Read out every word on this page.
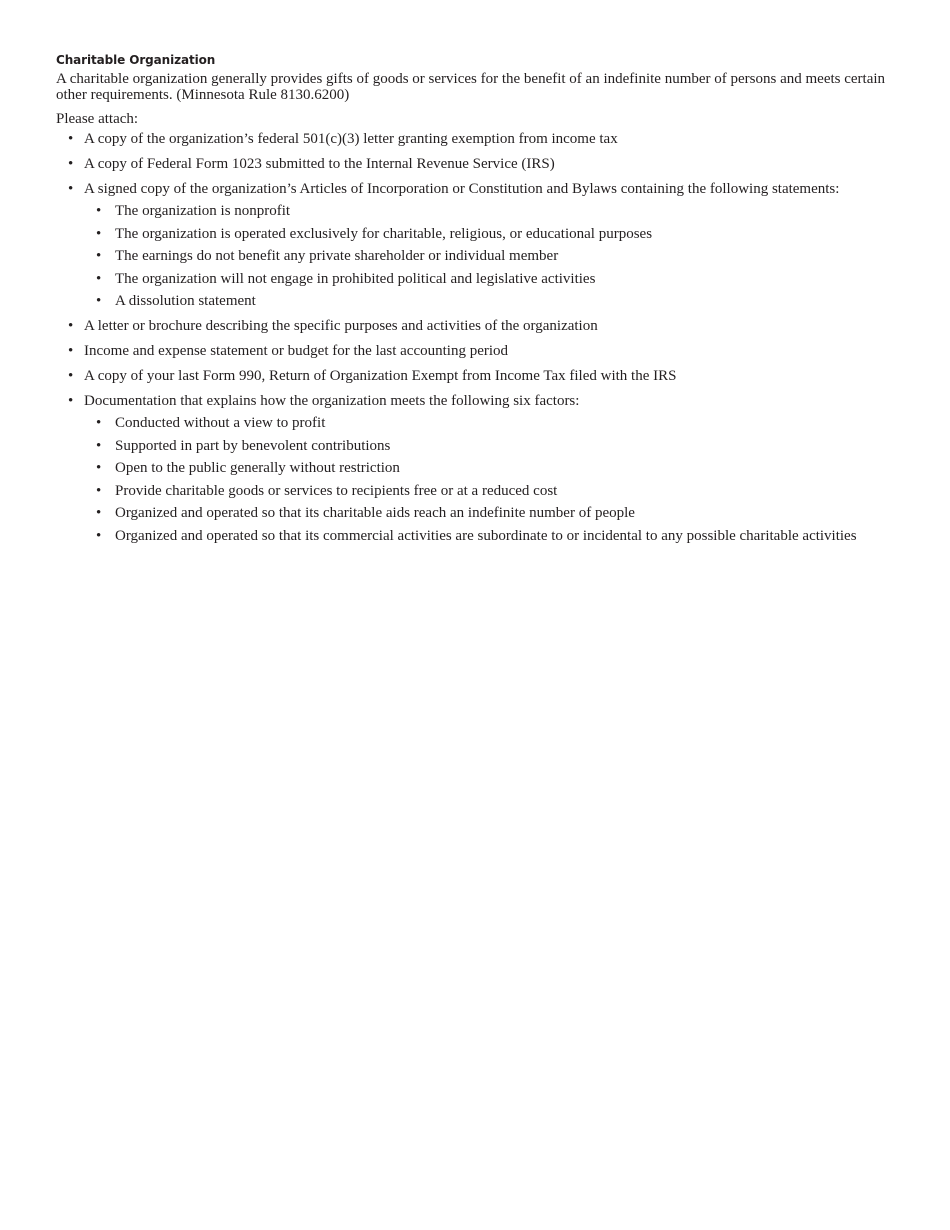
Charitable Organization

A charitable organization generally provides gifts of goods or services for the benefit of an indefinite number of persons and meets certain other requirements. (Minnesota Rule 8130.6200)

Please attach:

• A copy of the organization’s federal 501(c)(3) letter granting exemption from income tax
• A copy of Federal Form 1023 submitted to the Internal Revenue Service (IRS)
• A signed copy of the organization’s Articles of Incorporation or Constitution and Bylaws containing the following statements:
• The organization is nonprofit
• The organization is operated exclusively for charitable, religious, or educational purposes
• The earnings do not benefit any private shareholder or individual member
• The organization will not engage in prohibited political and legislative activities
• A dissolution statement
• A letter or brochure describing the specific purposes and activities of the organization
• Income and expense statement or budget for the last accounting period
• A copy of your last Form 990, Return of Organization Exempt from Income Tax filed with the IRS
• Documentation that explains how the organization meets the following six factors:
• Conducted without a view to profit
• Supported in part by benevolent contributions
• Open to the public generally without restriction
• Provide charitable goods or services to recipients free or at a reduced cost
• Organized and operated so that its charitable aids reach an indefinite number of people
• Organized and operated so that its commercial activities are subordinate to or incidental to any possible charitable activities
